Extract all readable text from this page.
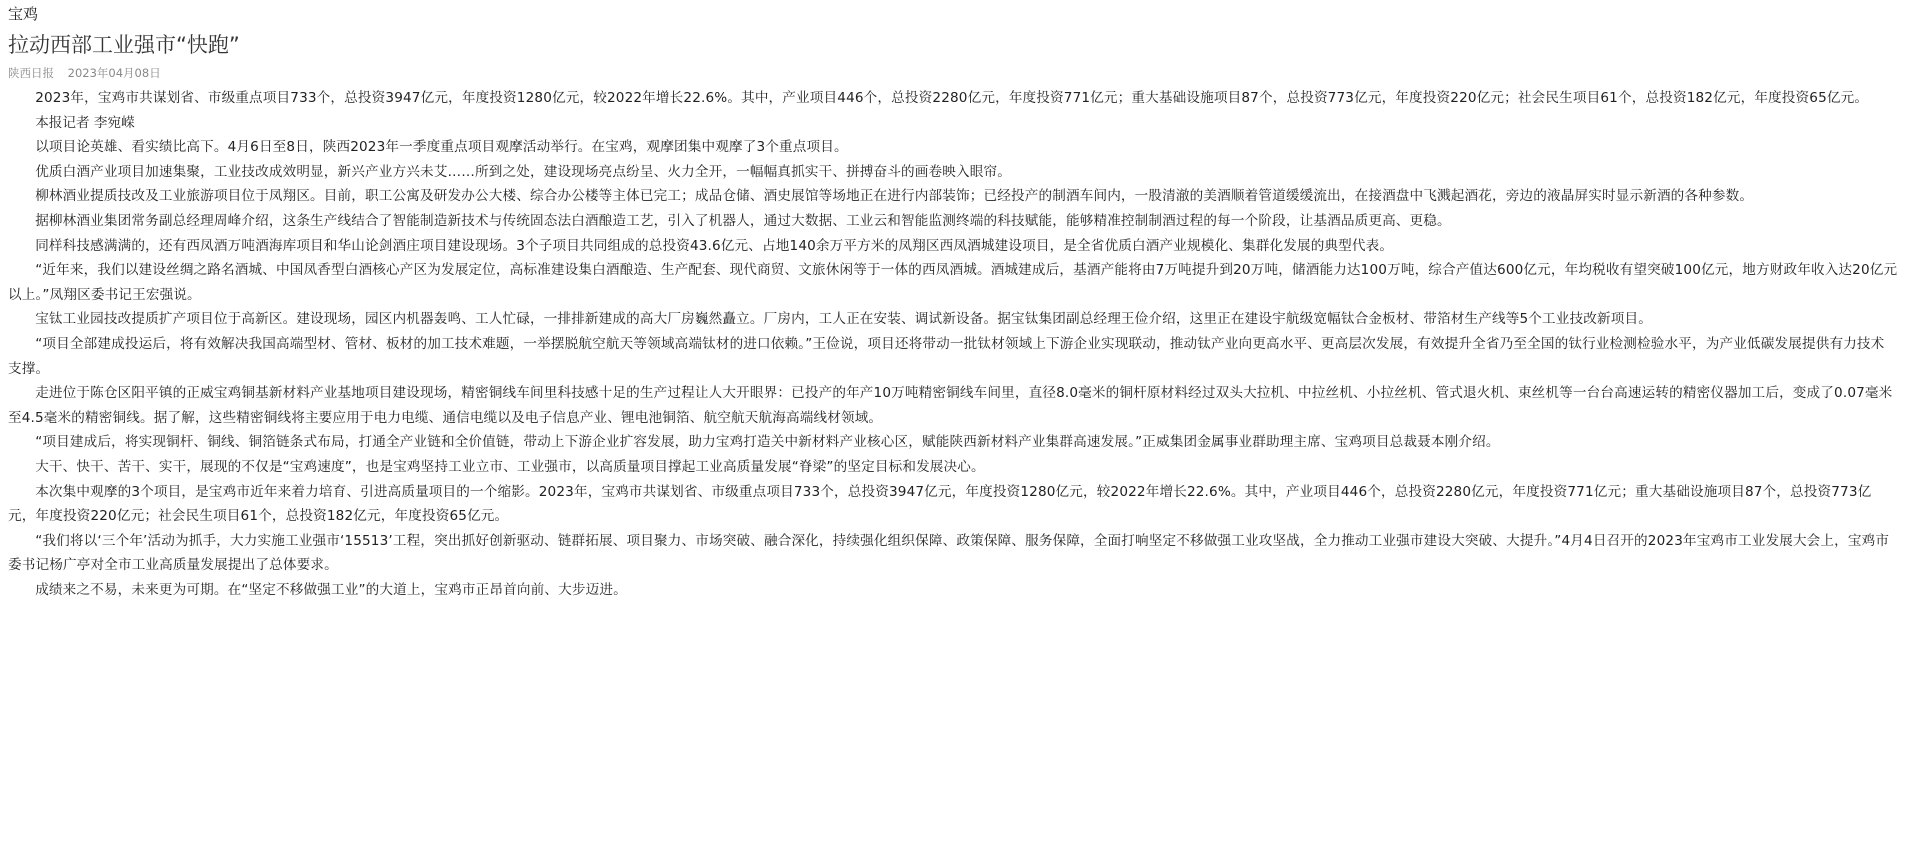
宝鸡
拉动西部工业强市“快跑”
陕西日报 2023年04月08日

2023年，宝鸡市共谋划省、市级重点项目733个，总投资3947亿元，年度投资1280亿元，较2022年增长22.6%。其中，产业项目446个，总投资2280亿元，年度投资771亿元；重大基础设施项目87个，总投资773亿元，年度投资220亿元；社会民生项目61个，总投资182亿元，年度投资65亿元。

本报记者 李宛嵘

以项目论英雄、看实绩比高下。4月6日至8日，陕西2023年一季度重点项目观摩活动举行。在宝鸡，观摩团集中观摩了3个重点项目。

优质白酒产业项目加速集聚，工业技改成效明显，新兴产业方兴未艾……所到之处，建设现场亮点纷呈、火力全开，一幅幅真抓实干、拼搏奋斗的画卷映入眼帘。

柳林酒业提质技改及工业旅游项目位于凤翔区。目前，职工公寓及研发办公大楼、综合办公楼等主体已完工；成品仓储、酒史展馆等场地正在进行内部装饰；已经投产的制酒车间内，一股清澈的美酒顺着管道缓缓流出，在接酒盘中飞溅起酒花，旁边的液晶屏实时显示新酒的各种参数。

据柳林酒业集团常务副总经理周峰介绍，这条生产线结合了智能制造新技术与传统固态法白酒酿造工艺，引入了机器人，通过大数据、工业云和智能监测终端的科技赋能，能够精准控制制酒过程的每一个阶段，让基酒品质更高、更稳。

同样科技感满满的，还有西凤酒万吨酒海库项目和华山论剑酒庄项目建设现场。3个子项目共同组成的总投资43.6亿元、占地140余万平方米的凤翔区西凤酒城建设项目，是全省优质白酒产业规模化、集群化发展的典型代表。

“近年来，我们以建设丝绸之路名酒城、中国凤香型白酒核心产区为发展定位，高标准建设集白酒酿造、生产配套、现代商贸、文旅休闲等于一体的西凤酒城。酒城建成后，基酒产能将由7万吨提升到20万吨，储酒能力达100万吨，综合产值达600亿元，年均税收有望突破100亿元，地方财政年收入达20亿元以上。”凤翔区委书记王宏强说。

宝钛工业园技改提质扩产项目位于高新区。建设现场，园区内机器轰鸣、工人忙碌，一排排新建成的高大厂房巍然矗立。厂房内，工人正在安装、调试新设备。据宝钛集团副总经理王俭介绍，这里正在建设宇航级宽幅钛合金板材、带箔材生产线等5个工业技改新项目。

“项目全部建成投运后，将有效解决我国高端型材、管材、板材的加工技术难题，一举摆脱航空航天等领域高端钛材的进口依赖。”王俭说，项目还将带动一批钛材领域上下游企业实现联动，推动钛产业向更高水平、更高层次发展，有效提升全省乃至全国的钛行业检测检验水平，为产业低碳发展提供有力技术支撑。

走进位于陈仓区阳平镇的正威宝鸡铜基新材料产业基地项目建设现场，精密铜线车间里科技感十足的生产过程让人大开眼界：已投产的年产10万吨精密铜线车间里，直径8.0毫米的铜杆原材料经过双头大拉机、中拉丝机、小拉丝机、管式退火机、束丝机等一台台高速运转的精密仪器加工后，变成了0.07毫米至4.5毫米的精密铜线。据了解，这些精密铜线将主要应用于电力电缆、通信电缆以及电子信息产业、锂电池铜箔、航空航天航海高端线材领域。

“项目建成后，将实现铜杆、铜线、铜箔链条式布局，打通全产业链和全价值链，带动上下游企业扩容发展，助力宝鸡打造关中新材料产业核心区，赋能陕西新材料产业集群高速发展。”正威集团金属事业群助理主席、宝鸡项目总裁聂本刚介绍。

大干、快干、苦干、实干，展现的不仅是“宝鸡速度”，也是宝鸡坚持工业立市、工业强市，以高质量项目撑起工业高质量发展“脊梁”的坚定目标和发展决心。

本次集中观摩的3个项目，是宝鸡市近年来着力培育、引进高质量项目的一个缩影。2023年，宝鸡市共谋划省、市级重点项目733个，总投资3947亿元，年度投资1280亿元，较2022年增长22.6%。其中，产业项目446个，总投资2280亿元，年度投资771亿元；重大基础设施项目87个，总投资773亿元，年度投资220亿元；社会民生项目61个，总投资182亿元，年度投资65亿元。

“我们将以‘三个年’活动为抓手，大力实施工业强市‘15513’工程，突出抓好创新驱动、链群拓展、项目聚力、市场突破、融合深化，持续强化组织保障、政策保障、服务保障，全面打响坚定不移做强工业攻坚战，全力推动工业强市建设大突破、大提升。”4月4日召开的2023年宝鸡市工业发展大会上，宝鸡市委书记杨广亭对全市工业高质量发展提出了总体要求。

成绩来之不易，未来更为可期。在“坚定不移做强工业”的大道上，宝鸡市正昂首向前、大步迈进。
